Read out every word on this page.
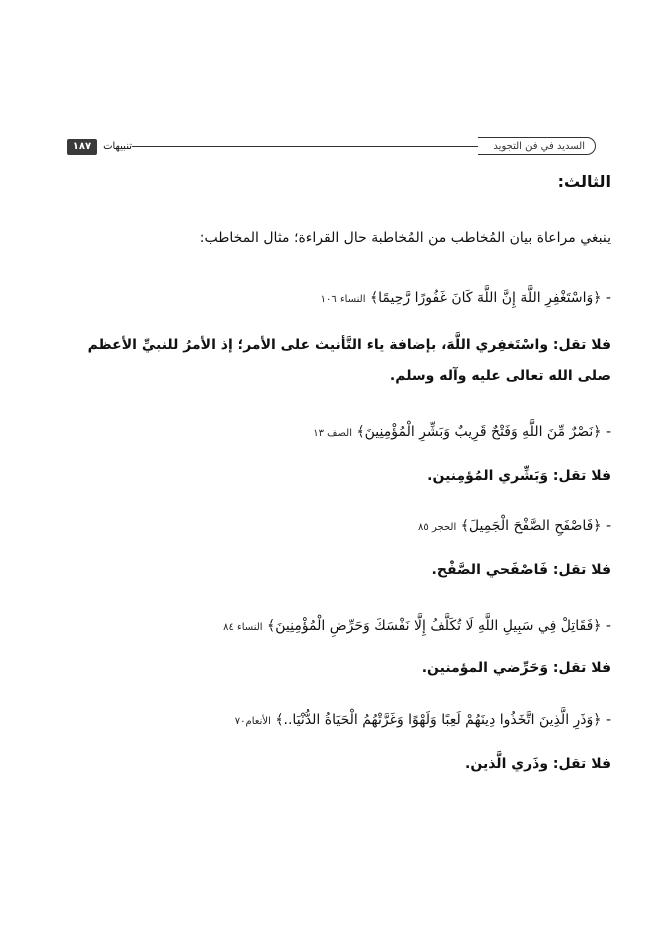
السديد في فن التجويد
تنبيهات
١٨٧
الثالث:
ينبغي مراعاة بيان المُخاطب من المُخاطبة حال القراءة؛ مثال المخاطب:
- ﴿وَاسْتَغْفِرِ اللَّهَ إِنَّ اللَّهَ كَانَ غَفُورًا رَّحِيمًا﴾ النساء ١٠٦
فلا تقل: واسْتَغفِري اللَّهَ، بإضافة ياء التَّأنيث على الأمر؛ إذ الأمرُ للنبيِّ الأعظم صلى الله تعالى عليه وآله وسلم.
- ﴿نَصْرٌ مِّنَ اللَّهِ وَفَتْحٌ قَرِيبٌ وَبَشِّرِ الْمُؤْمِنِينَ﴾ الصف ١٣
فلا تقل: وَبَشِّري المُؤمِنين.
- ﴿فَاصْفَحِ الصَّفْحَ الْجَمِيلَ﴾ الحجر ٨٥
فلا تقل: فَاصْفَحي الصَّفْح.
- ﴿فَقَاتِلْ فِي سَبِيلِ اللَّهِ لَا تُكَلَّفُ إِلَّا نَفْسَكَ وَحَرِّضِ الْمُؤْمِنِينَ﴾ النساء ٨٤
فلا تقل: وَحَرِّضي المؤمنين.
- ﴿وَذَرِ الَّذِينَ اتَّخَذُوا دِينَهُمْ لَعِبًا وَلَهْوًا وَغَرَّتْهُمُ الْحَيَاةُ الدُّنْيَا..﴾ الأنعام٧٠
فلا تقل: وذَري الَّذين.
